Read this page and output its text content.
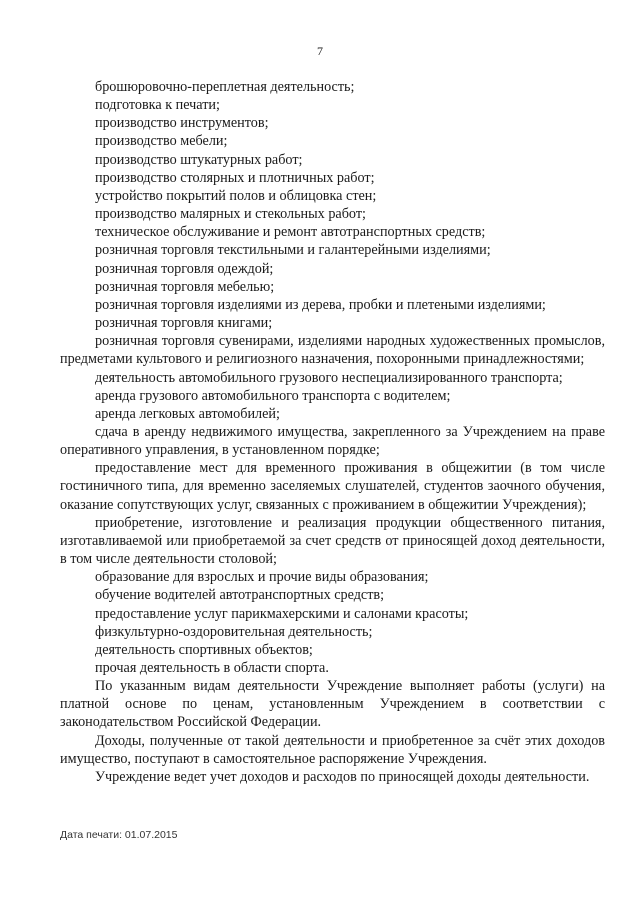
7

брошюровочно-переплетная деятельность;

подготовка к печати;

производство инструментов;

производство мебели;

производство штукатурных работ;

производство столярных и плотничных работ;

устройство покрытий полов и облицовка стен;

производство малярных и стекольных работ;

техническое обслуживание и ремонт автотранспортных средств;

розничная торговля текстильными и галантерейными изделиями;

розничная торговля одеждой;

розничная торговля мебелью;

розничная торговля изделиями из дерева, пробки и плетеными изделиями;

розничная торговля книгами;

розничная торговля сувенирами, изделиями народных художественных промыслов, предметами культового и религиозного назначения, похоронными принадлежностями;

деятельность автомобильного грузового неспециализированного транспорта;

аренда грузового автомобильного транспорта с водителем;

аренда легковых автомобилей;

сдача в аренду недвижимого имущества, закрепленного за Учреждением на праве оперативного управления, в установленном порядке;

предоставление мест для временного проживания в общежитии (в том числе гостиничного типа, для временно заселяемых слушателей, студентов заочного обучения, оказание сопутствующих услуг, связанных с проживанием в общежитии Учреждения);

приобретение, изготовление и реализация продукции общественного питания, изготавливаемой или приобретаемой за счет средств от приносящей доход деятельности, в том числе деятельности столовой;

образование для взрослых и прочие виды образования;

обучение водителей автотранспортных средств;

предоставление услуг парикмахерскими и салонами красоты;

физкультурно-оздоровительная деятельность;

деятельность спортивных объектов;

прочая деятельность в области спорта.

По указанным видам деятельности Учреждение выполняет работы (услуги) на платной основе по ценам, установленным Учреждением в соответствии с законодательством Российской Федерации.

Доходы, полученные от такой деятельности и приобретенное за счёт этих доходов имущество, поступают в самостоятельное распоряжение Учреждения.

Учреждение ведет учет доходов и расходов по приносящей доходы деятельности.

Дата печати: 01.07.2015
